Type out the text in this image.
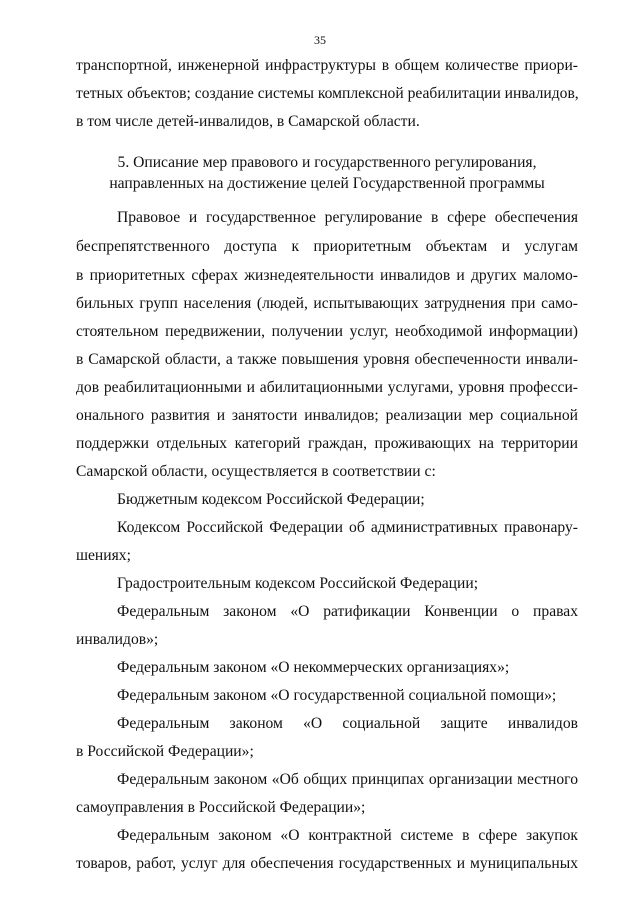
35
транспортной, инженерной инфраструктуры в общем количестве приори-
тетных объектов; создание системы комплексной реабилитации инвалидов,
в том числе детей-инвалидов, в Самарской области.
5. Описание мер правового и государственного регулирования,
направленных на достижение целей Государственной программы
Правовое и государственное регулирование в сфере обеспечения
беспрепятственного доступа к приоритетным объектам и услугам
в приоритетных сферах жизнедеятельности инвалидов и других маломо-
бильных групп населения (людей, испытывающих затруднения при само-
стоятельном передвижении, получении услуг, необходимой информации)
в Самарской области, а также повышения уровня обеспеченности инвали-
дов реабилитационными и абилитационными услугами, уровня професси-
онального развития и занятости инвалидов; реализации мер социальной
поддержки отдельных категорий граждан, проживающих на территории
Самарской области, осуществляется в соответствии с:
Бюджетным кодексом Российской Федерации;
Кодексом Российской Федерации об административных правонару-
шениях;
Градостроительным кодексом Российской Федерации;
Федеральным законом «О ратификации Конвенции о правах
инвалидов»;
Федеральным законом «О некоммерческих организациях»;
Федеральным законом «О государственной социальной помощи»;
Федеральным законом «О социальной защите инвалидов
в Российской Федерации»;
Федеральным законом «Об общих принципах организации местного
самоуправления в Российской Федерации»;
Федеральным законом «О контрактной системе в сфере закупок
товаров, работ, услуг для обеспечения государственных и муниципальных
